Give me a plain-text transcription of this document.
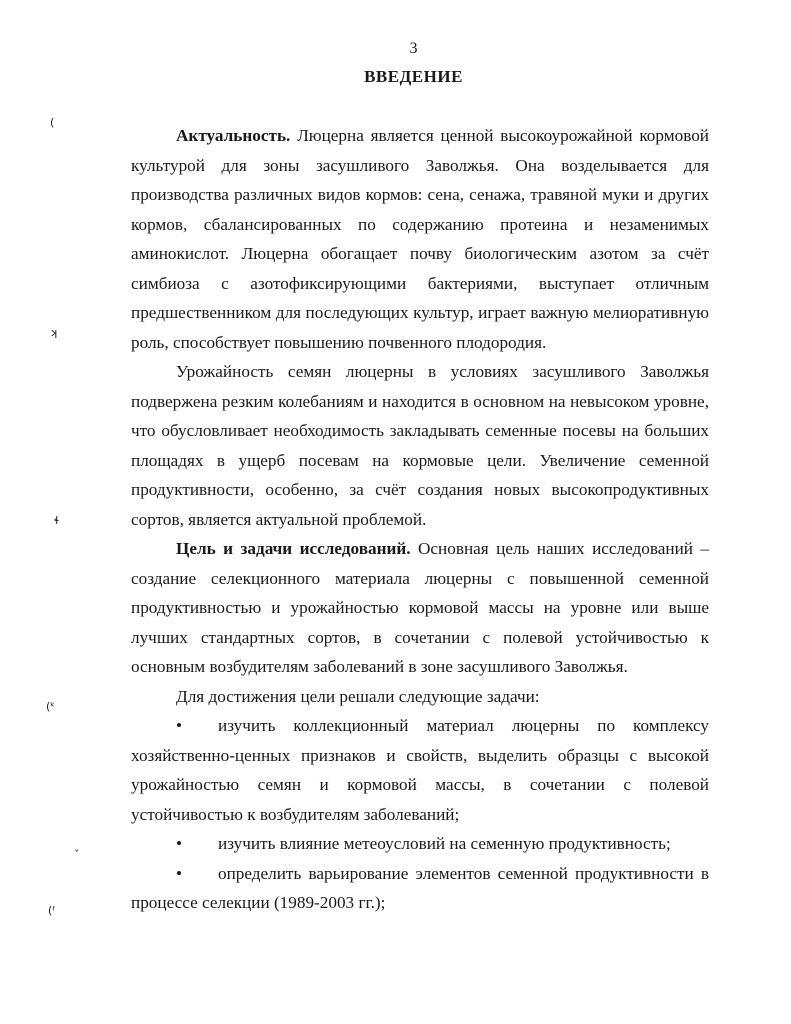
3
ВВЕДЕНИЕ
(
ʞ
ɬ
(ᵏ
ˇ
(ᶠ

Актуальность. Люцерна является ценной высокоурожайной кормовой культурой для зоны засушливого Заволжья. Она возделывается для производства различных видов кормов: сена, сенажа, травяной муки и других кормов, сбалансированных по содержанию протеина и незаменимых аминокислот. Люцерна обогащает почву биологическим азотом за счёт симбиоза с азотофиксирующими бактериями, выступает отличным предшественником для последующих культур, играет важную мелиоративную роль, способствует повышению почвенного плодородия.

Урожайность семян люцерны в условиях засушливого Заволжья подвержена резким колебаниям и находится в основном на невысоком уровне, что обусловливает необходимость закладывать семенные посевы на больших площадях в ущерб посевам на кормовые цели. Увеличение семенной продуктивности, особенно, за счёт создания новых высокопродуктивных сортов, является актуальной проблемой.

Цель и задачи исследований. Основная цель наших исследований – создание селекционного материала люцерны с повышенной семенной продуктивностью и урожайностью кормовой массы на уровне или выше лучших стандартных сортов, в сочетании с полевой устойчивостью к основным возбудителям заболеваний в зоне засушливого Заволжья.

Для достижения цели решали следующие задачи:

• изучить коллекционный материал люцерны по комплексу хозяйственно-ценных признаков и свойств, выделить образцы с высокой урожайностью семян и кормовой массы, в сочетании с полевой устойчивостью к возбудителям заболеваний;

• изучить влияние метеоусловий на семенную продуктивность;

• определить варьирование элементов семенной продуктивности в процессе селекции (1989-2003 гг.);
